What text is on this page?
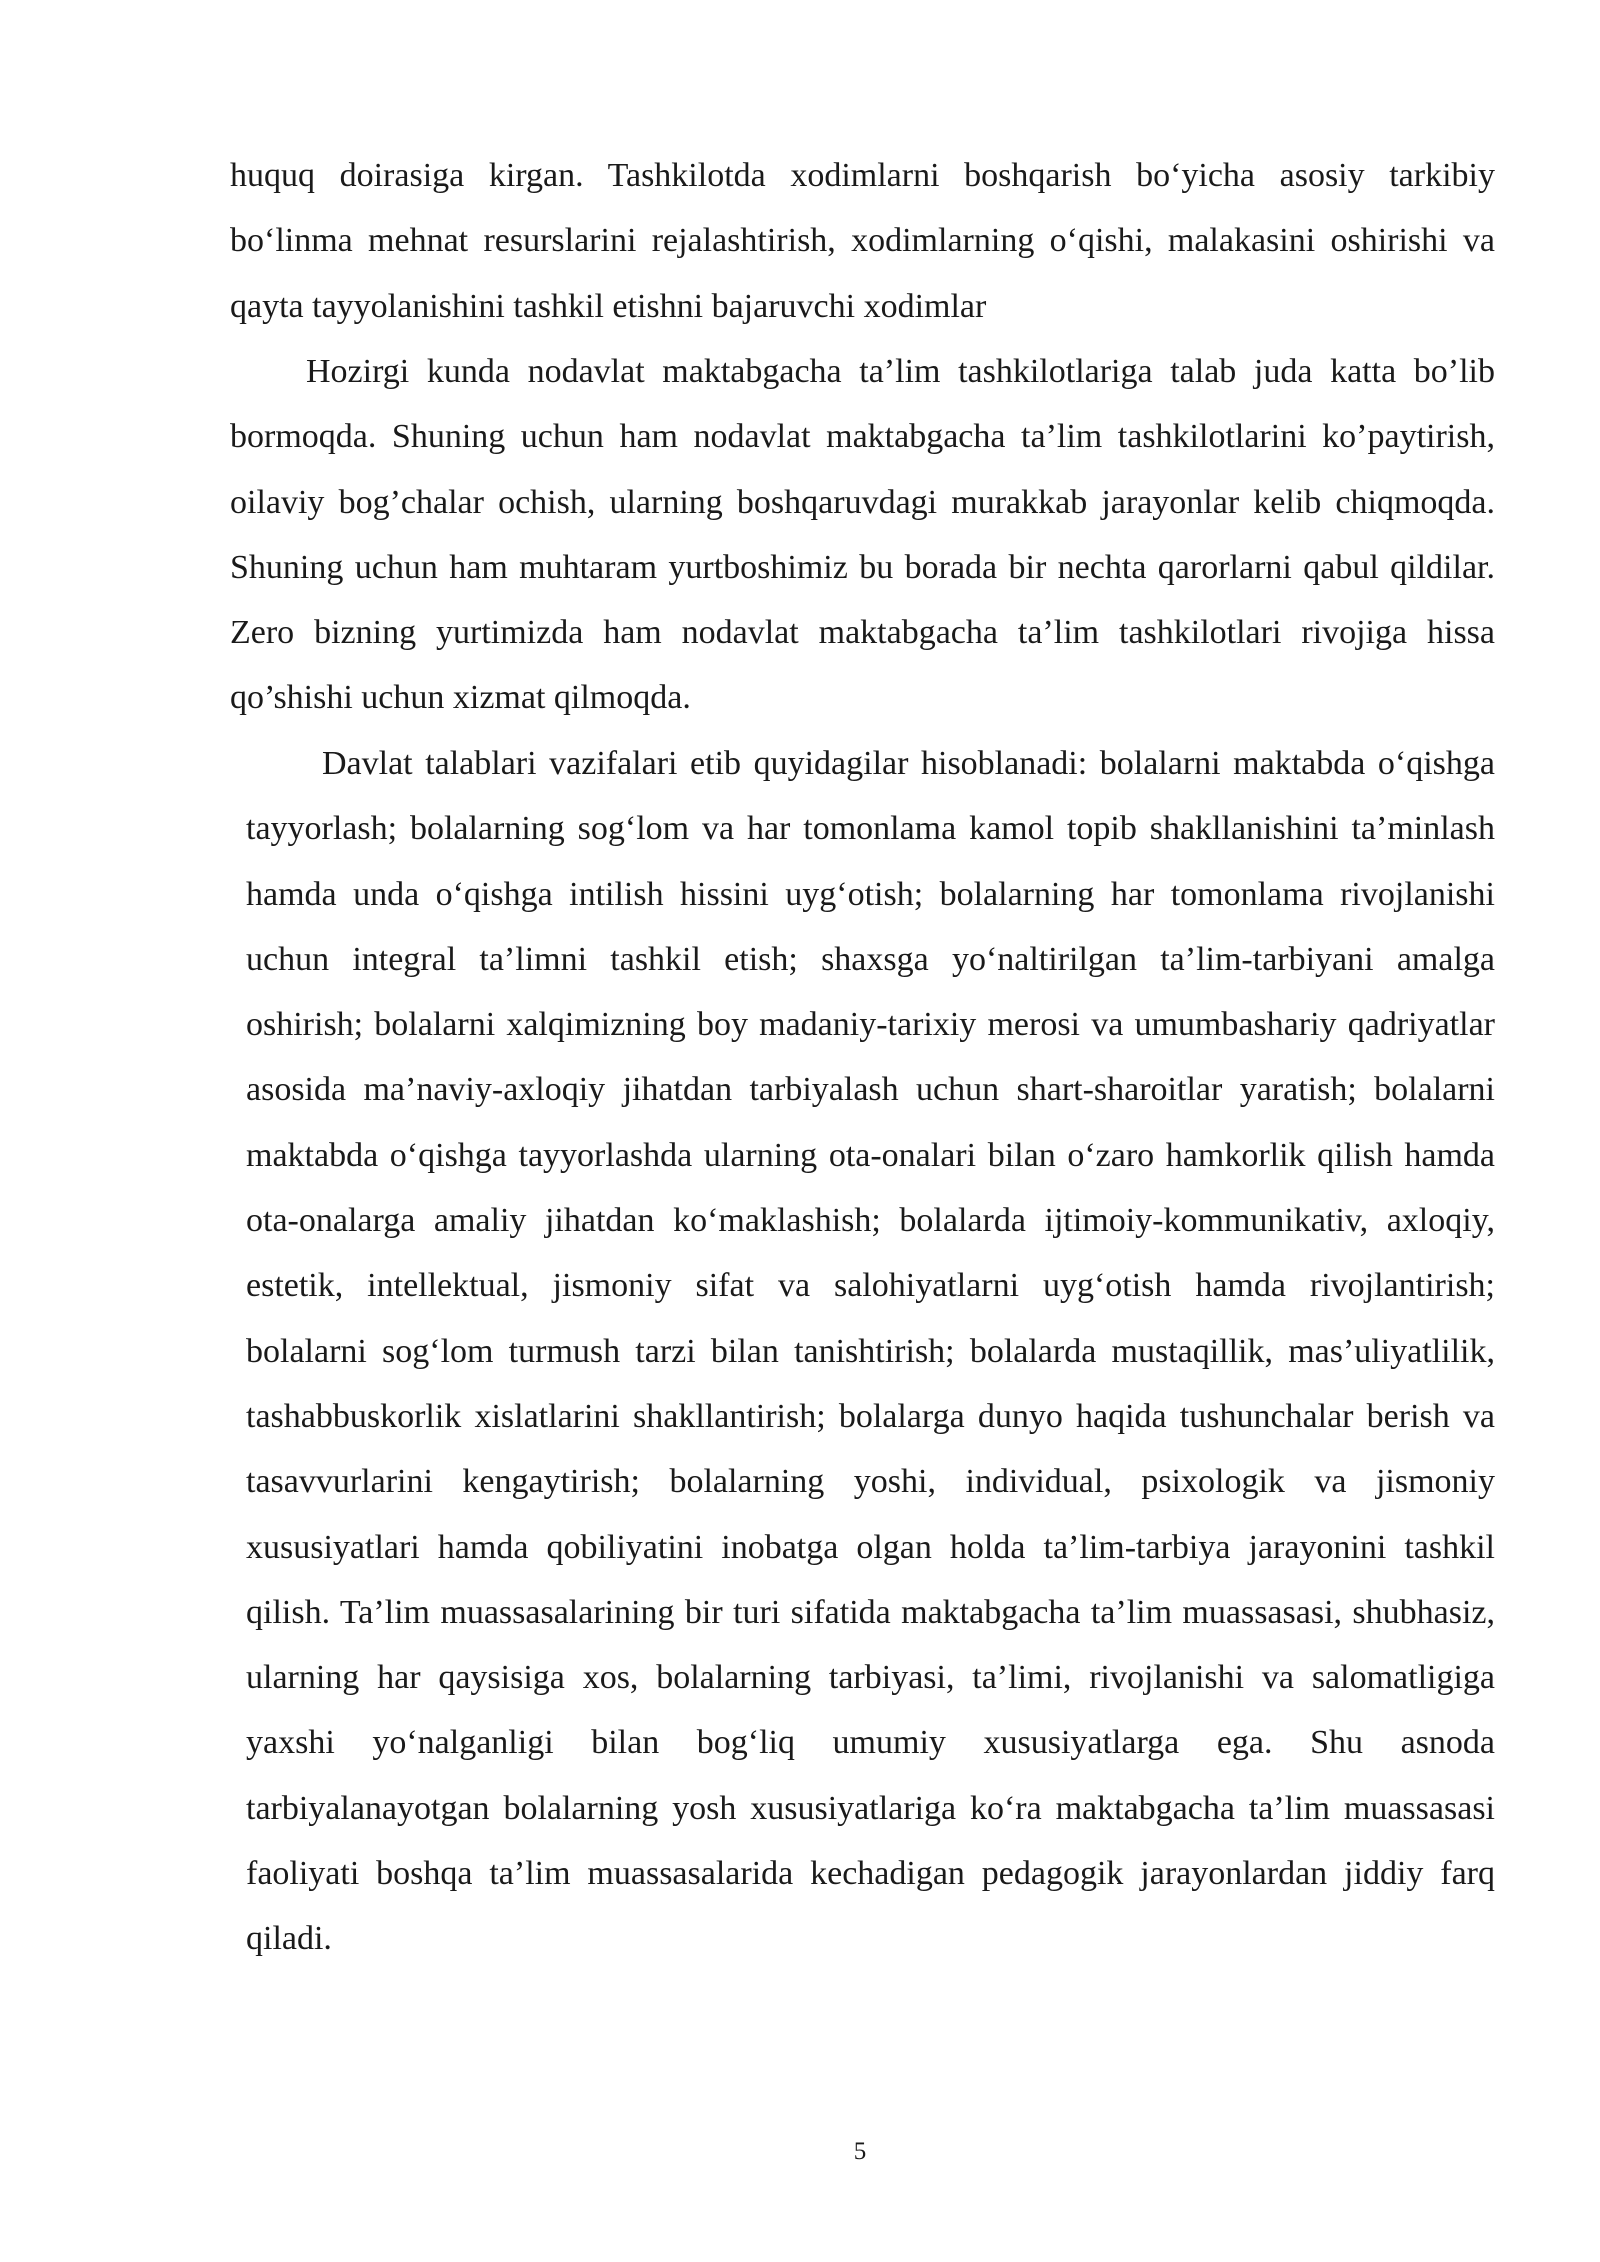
huquq doirasiga kirgan. Tashkilotda xodimlarni boshqarish bo‘yicha asosiy tarkibiy bo‘linma mehnat resurslarini rejalashtirish, xodimlarning o‘qishi, malakasini oshirishi va qayta tayyolanishini tashkil etishni bajaruvchi xodimlar

Hozirgi kunda nodavlat maktabgacha ta’lim tashkilotlariga talab juda katta bo’lib bormoqda. Shuning uchun ham nodavlat maktabgacha ta’lim tashkilotlarini ko’paytirish, oilaviy bog’chalar ochish, ularning boshqaruvdagi murakkab jarayonlar kelib chiqmoqda. Shuning uchun ham muhtaram yurtboshimiz bu borada bir nechta qarorlarni qabul qildilar. Zero bizning yurtimizda ham nodavlat maktabgacha ta’lim tashkilotlari rivojiga hissa qo’shishi uchun xizmat qilmoqda.

Davlat talablari vazifalari etib quyidagilar hisoblanadi: bolalarni maktabda o‘qishga tayyorlash; bolalarning sog‘lom va har tomonlama kamol topib shakllanishini ta’minlash hamda unda o‘qishga intilish hissini uyg‘otish; bolalarning har tomonlama rivojlanishi uchun integral ta’limni tashkil etish; shaxsga yo‘naltirilgan ta’lim-tarbiyani amalga oshirish; bolalarni xalqimizning boy madaniy-tarixiy merosi va umumbashariy qadriyatlar asosida ma’naviy-axloqiy jihatdan tarbiyalash uchun shart-sharoitlar yaratish; bolalarni maktabda o‘qishga tayyorlashda ularning ota-onalari bilan o‘zaro hamkorlik qilish hamda ota-onalarga amaliy jihatdan ko‘maklashish; bolalarda ijtimoiy-kommunikativ, axloqiy, estetik, intellektual, jismoniy sifat va salohiyatlarni uyg‘otish hamda rivojlantirish; bolalarni sog‘lom turmush tarzi bilan tanishtirish; bolalarda mustaqillik, mas’uliyatlilik, tashabbuskorlik xislatlarini shakllantirish; bolalarga dunyo haqida tushunchalar berish va tasavvurlarini kengaytirish; bolalarning yoshi, individual, psixologik va jismoniy xususiyatlari hamda qobiliyatini inobatga olgan holda ta’lim-tarbiya jarayonini tashkil qilish. Ta’lim muassasalarining bir turi sifatida maktabgacha ta’lim muassasasi, shubhasiz, ularning har qaysisiga xos, bolalarning tarbiyasi, ta’limi, rivojlanishi va salomatligiga yaxshi yo‘nalganligi bilan bog‘liq umumiy xususiyatlarga ega. Shu asnoda tarbiyalanayotgan bolalarning yosh xususiyatlariga ko‘ra maktabgacha ta’lim muassasasi faoliyati boshqa ta’lim muassasalarida kechadigan pedagogik jarayonlardan jiddiy farq qiladi.

5
